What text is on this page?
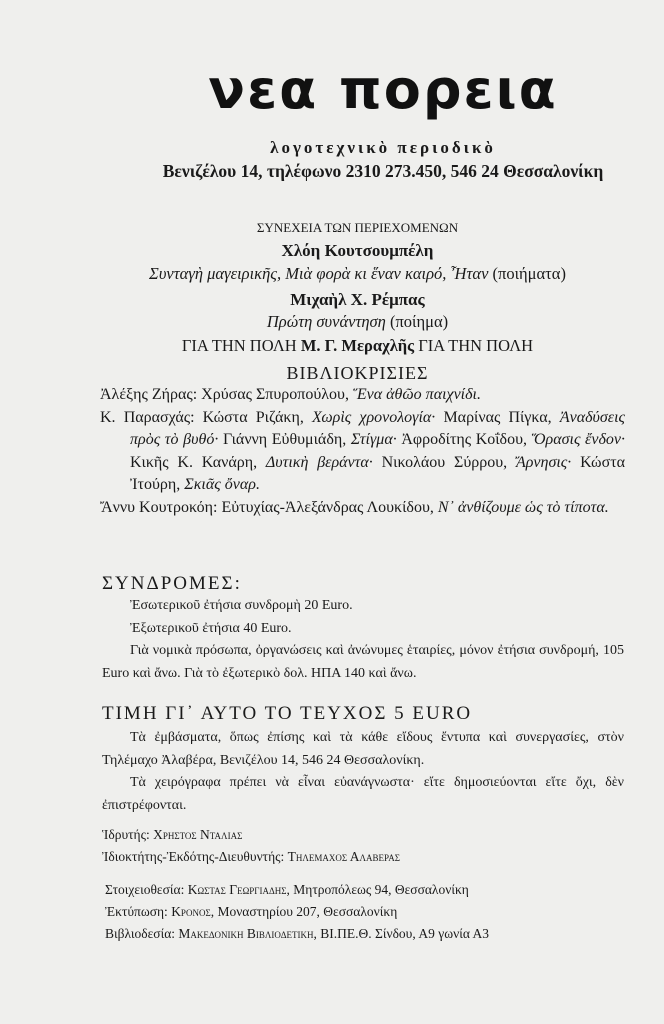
νεα πορεια
λογοτεχνικὸ περιοδικὸ
Βενιζέλου 14, τηλέφωνο 2310 273.450, 546 24 Θεσσαλονίκη
ΣΥΝΕΧΕΙΑ ΤΩΝ ΠΕΡΙΕΧΟΜΕΝΩΝ
Χλόη Κουτσουμπέλη
Συνταγὴ μαγειρικῆς, Μιὰ φορὰ κι ἕναν καιρό, Ἦταν (ποιήματα)
Μιχαὴλ Χ. Ρέμπας
Πρώτη συνάντηση (ποίημα)
ΓΙΑ ΤΗΝ ΠΟΛΗ Μ. Γ. Μεραχλῆς ΓΙΑ ΤΗΝ ΠΟΛΗ
ΒΙΒΛΙΟΚΡΙΣΙΕΣ

Ἀλέξης Ζήρας: Χρύσας Σπυροπούλου, Ἕνα ἀθῶο παιχνίδι.

Κ. Παρασχάς: Κώστα Ριζάκη, Χωρὶς χρονολογία· Μαρίνας Πίγκα, Ἀναδύσεις πρὸς τὸ βυθό· Γιάννη Εὐθυμιάδη, Στίγμα· Ἀφροδίτης Κοΐδου, Ὅρασις ἔνδον· Κικῆς Κ. Κανάρη, Δυτικὴ βεράντα· Νικολάου Σύρρου, Ἄρνησις· Κώστα Ἰτούρη, Σκιᾶς ὄναρ.

Ἄννυ Κουτροκόη: Εὐτυχίας-Ἀλεξάνδρας Λουκίδου, Ν᾽ ἀνθίζουμε ὡς τὸ τίποτα.

ΣΥΝΔΡΟΜΕΣ:

Ἐσωτερικοῦ ἐτήσια συνδρομὴ 20 Euro.

Ἐξωτερικοῦ ἐτήσια 40 Euro.

Γιὰ νομικὰ πρόσωπα, ὀργανώσεις καὶ ἀνώνυμες ἑταιρίες, μόνον ἐτήσια συνδρομή, 105 Euro καὶ ἄνω. Γιὰ τὸ ἐξωτερικὸ δολ. ΗΠΑ 140 καὶ ἄνω.

ΤΙΜΗ ΓΙ᾽ ΑΥΤΟ ΤΟ ΤΕΥΧΟΣ 5 EURO

Τὰ ἐμβάσματα, ὅπως ἐπίσης καὶ τὰ κάθε εἴδους ἔντυπα καὶ συνεργασίες, στὸν Τηλέμαχο Ἀλαβέρα, Βενιζέλου 14, 546 24 Θεσσαλονίκη.

Τὰ χειρόγραφα πρέπει νὰ εἶναι εὐανάγνωστα· εἴτε δημοσιεύονται εἴτε ὄχι, δὲν ἐπιστρέφονται.

Ἱδρυτής: Χρηστος Νταλιας

Ἰδιοκτήτης-Ἐκδότης-Διευθυντής: Τηλεμαχος Αλαβερας

Στοιχειοθεσία: Κωστας Γεωργιαδης, Μητροπόλεως 94, Θεσσαλονίκη

Ἐκτύπωση: Κρονος, Μοναστηρίου 207, Θεσσαλονίκη

Βιβλιοδεσία: Μακεδονικη Βιβλιοδετικη, ΒΙ.ΠΕ.Θ. Σίνδου, Α9 γωνία Α3
